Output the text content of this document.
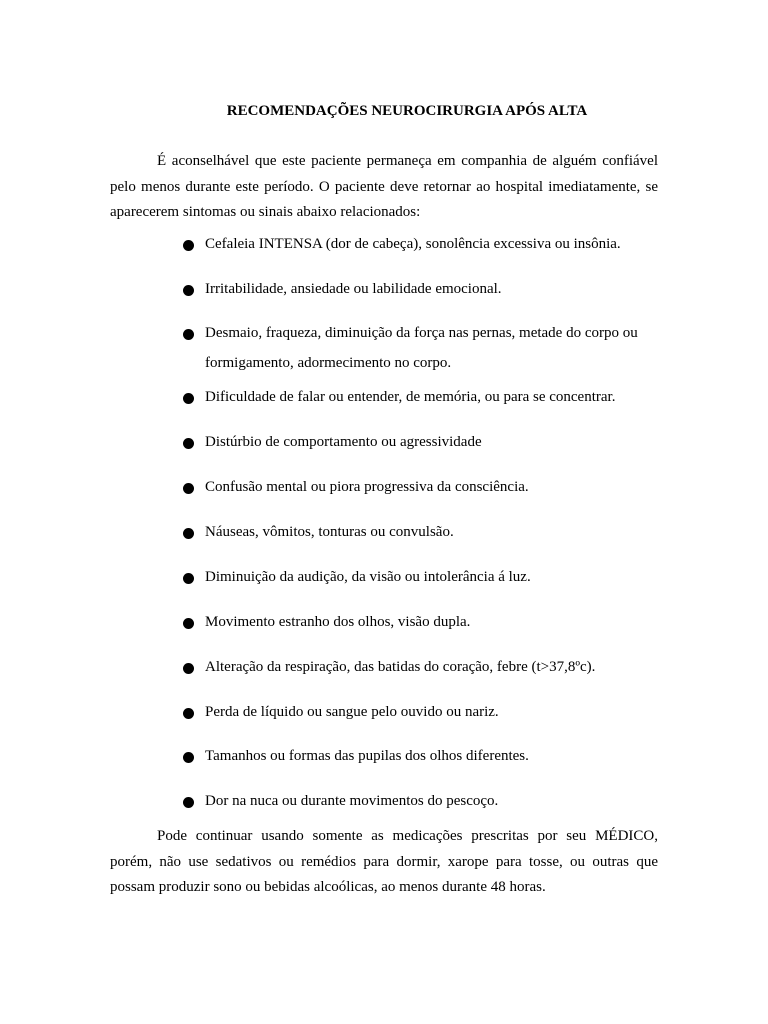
RECOMENDAÇÕES NEUROCIRURGIA APÓS ALTA

É aconselhável que este paciente permaneça em companhia de alguém confiável pelo menos durante este período. O paciente deve retornar ao hospital imediatamente, se aparecerem sintomas ou sinais abaixo relacionados:

Cefaleia INTENSA (dor de cabeça), sonolência excessiva ou insônia.
Irritabilidade, ansiedade ou labilidade emocional.
Desmaio, fraqueza, diminuição da força nas pernas, metade do corpo ou formigamento, adormecimento no corpo.
Dificuldade de falar ou entender, de memória, ou para se concentrar.
Distúrbio de comportamento ou agressividade
Confusão mental ou piora progressiva da consciência.
Náuseas, vômitos, tonturas ou convulsão.
Diminuição da audição, da visão ou intolerância á luz.
Movimento estranho dos olhos, visão dupla.
Alteração da respiração, das batidas do coração, febre (t>37,8ºc).
Perda de líquido ou sangue pelo ouvido ou nariz.
Tamanhos ou formas das pupilas dos olhos diferentes.
Dor na nuca ou durante movimentos do pescoço.

Pode continuar usando somente as medicações prescritas por seu MÉDICO, porém, não use sedativos ou remédios para dormir, xarope para tosse, ou outras que possam produzir sono ou bebidas alcoólicas, ao menos durante 48 horas.
